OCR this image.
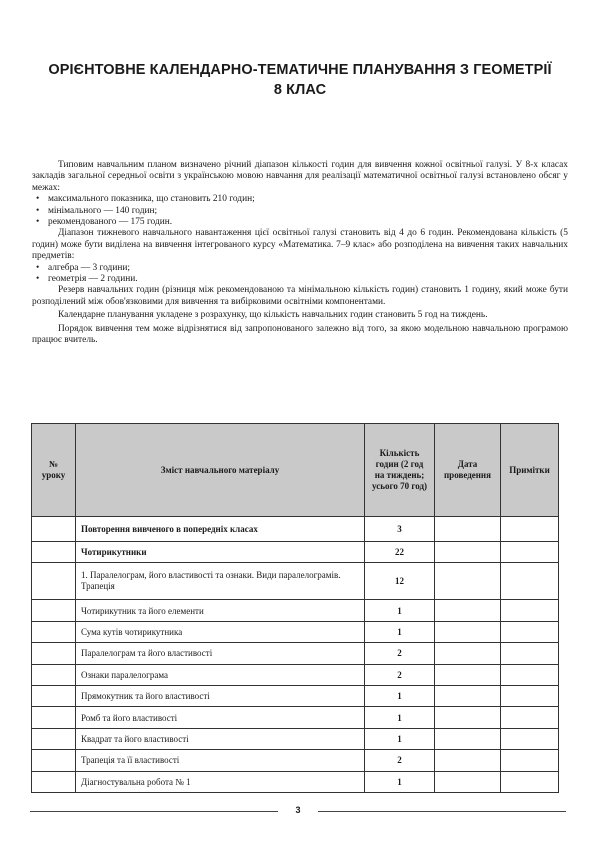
ОРІЄНТОВНЕ КАЛЕНДАРНО-ТЕМАТИЧНЕ ПЛАНУВАННЯ З ГЕОМЕТРІЇ
8 КЛАС

Типовим навчальним планом визначено річний діапазон кількості годин для вивчення кожної освітньої галузі. У 8-х класах закладів загальної середньої освіти з українською мовою навчання для реалізації математичної освітньої галузі встановлено обсяг у межах:

• максимального показника, що становить 210 годин;
• мінімального — 140 годин;
• рекомендованого — 175 годин.

Діапазон тижневого навчального навантаження цієї освітньої галузі становить від 4 до 6 годин. Рекомендована кількість (5 годин) може бути виділена на вивчення інтегрованого курсу «Математика. 7–9 клас» або розподілена на вивчення таких навчальних предметів:

• алгебра — 3 години;
• геометрія — 2 години.

Резерв навчальних годин (різниця між рекомендованою та мінімальною кількість годин) становить 1 годину, який може бути розподілений між обов'язковими для вивчення та вибірковими освітніми компонентами.

Календарне планування укладене з розрахунку, що кількість навчальних годин становить 5 год на тиждень.

Порядок вивчення тем може відрізнятися від запропонованого залежно від того, за якою модельною навчальною програмою працює вчитель.

№ уроку	Зміст навчального матеріалу	Кількість годин (2 год на тиждень; усього 70 год)	Дата проведення	Примітки
	Повторення вивченого в попередніх класах	3		
	Чотирикутники	22		
	1. Паралелограм, його властивості та ознаки. Види паралелограмів. Трапеція	12		
	Чотирикутник та його елементи	1		
	Сума кутів чотирикутника	1		
	Паралелограм та його властивості	2		
	Ознаки паралелограма	2		
	Прямокутник та його властивості	1		
	Ромб та його властивості	1		
	Квадрат та його властивості	1		
	Трапеція та її властивості	2		
	Діагностувальна робота № 1	1		
3
